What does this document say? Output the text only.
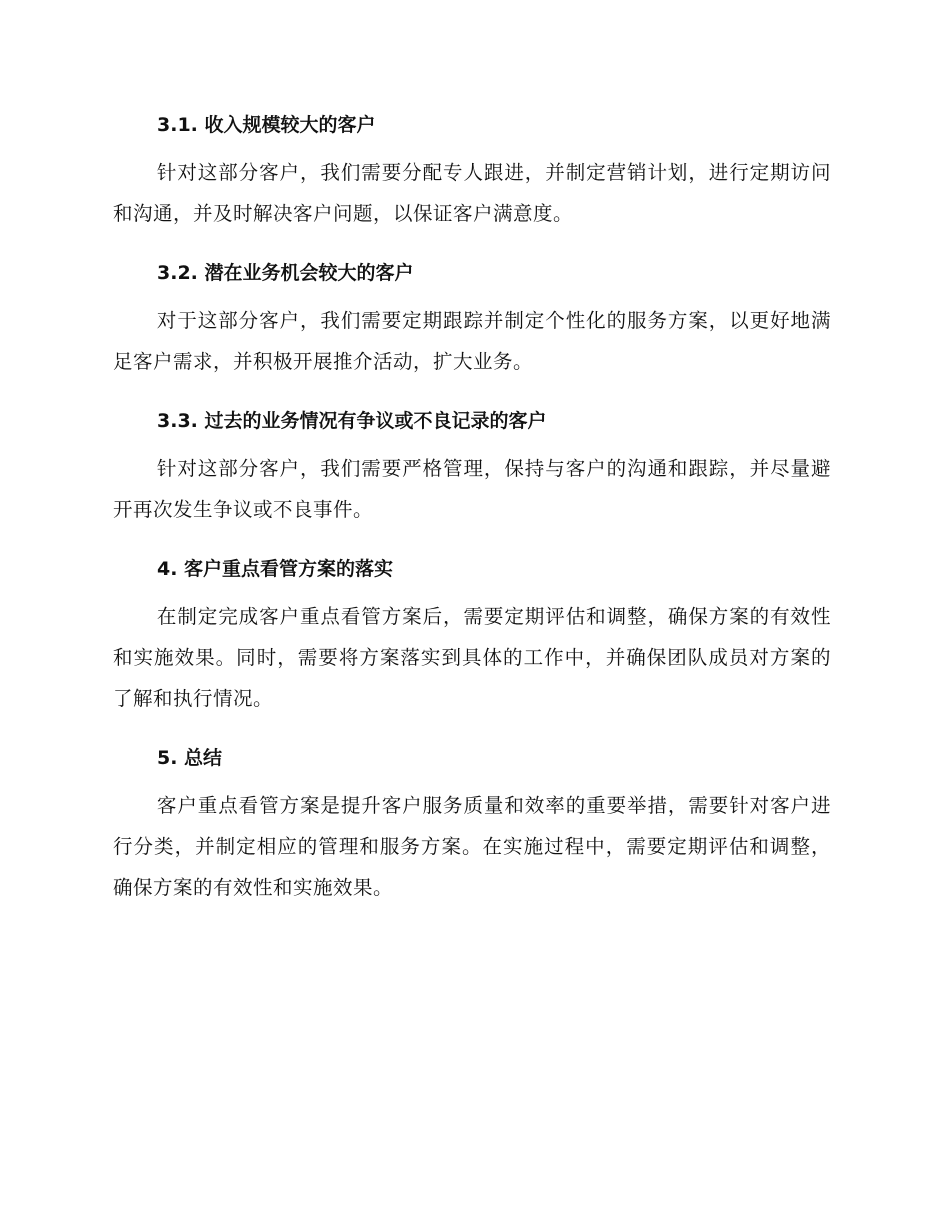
3.1. 收入规模较大的客户

针对这部分客户，我们需要分配专人跟进，并制定营销计划，进行定期访问和沟通，并及时解决客户问题，以保证客户满意度。

3.2. 潜在业务机会较大的客户

对于这部分客户，我们需要定期跟踪并制定个性化的服务方案，以更好地满足客户需求，并积极开展推介活动，扩大业务。

3.3. 过去的业务情况有争议或不良记录的客户

针对这部分客户，我们需要严格管理，保持与客户的沟通和跟踪，并尽量避开再次发生争议或不良事件。

4. 客户重点看管方案的落实

在制定完成客户重点看管方案后，需要定期评估和调整，确保方案的有效性和实施效果。同时，需要将方案落实到具体的工作中，并确保团队成员对方案的了解和执行情况。

5. 总结

客户重点看管方案是提升客户服务质量和效率的重要举措，需要针对客户进行分类，并制定相应的管理和服务方案。在实施过程中，需要定期评估和调整，确保方案的有效性和实施效果。
